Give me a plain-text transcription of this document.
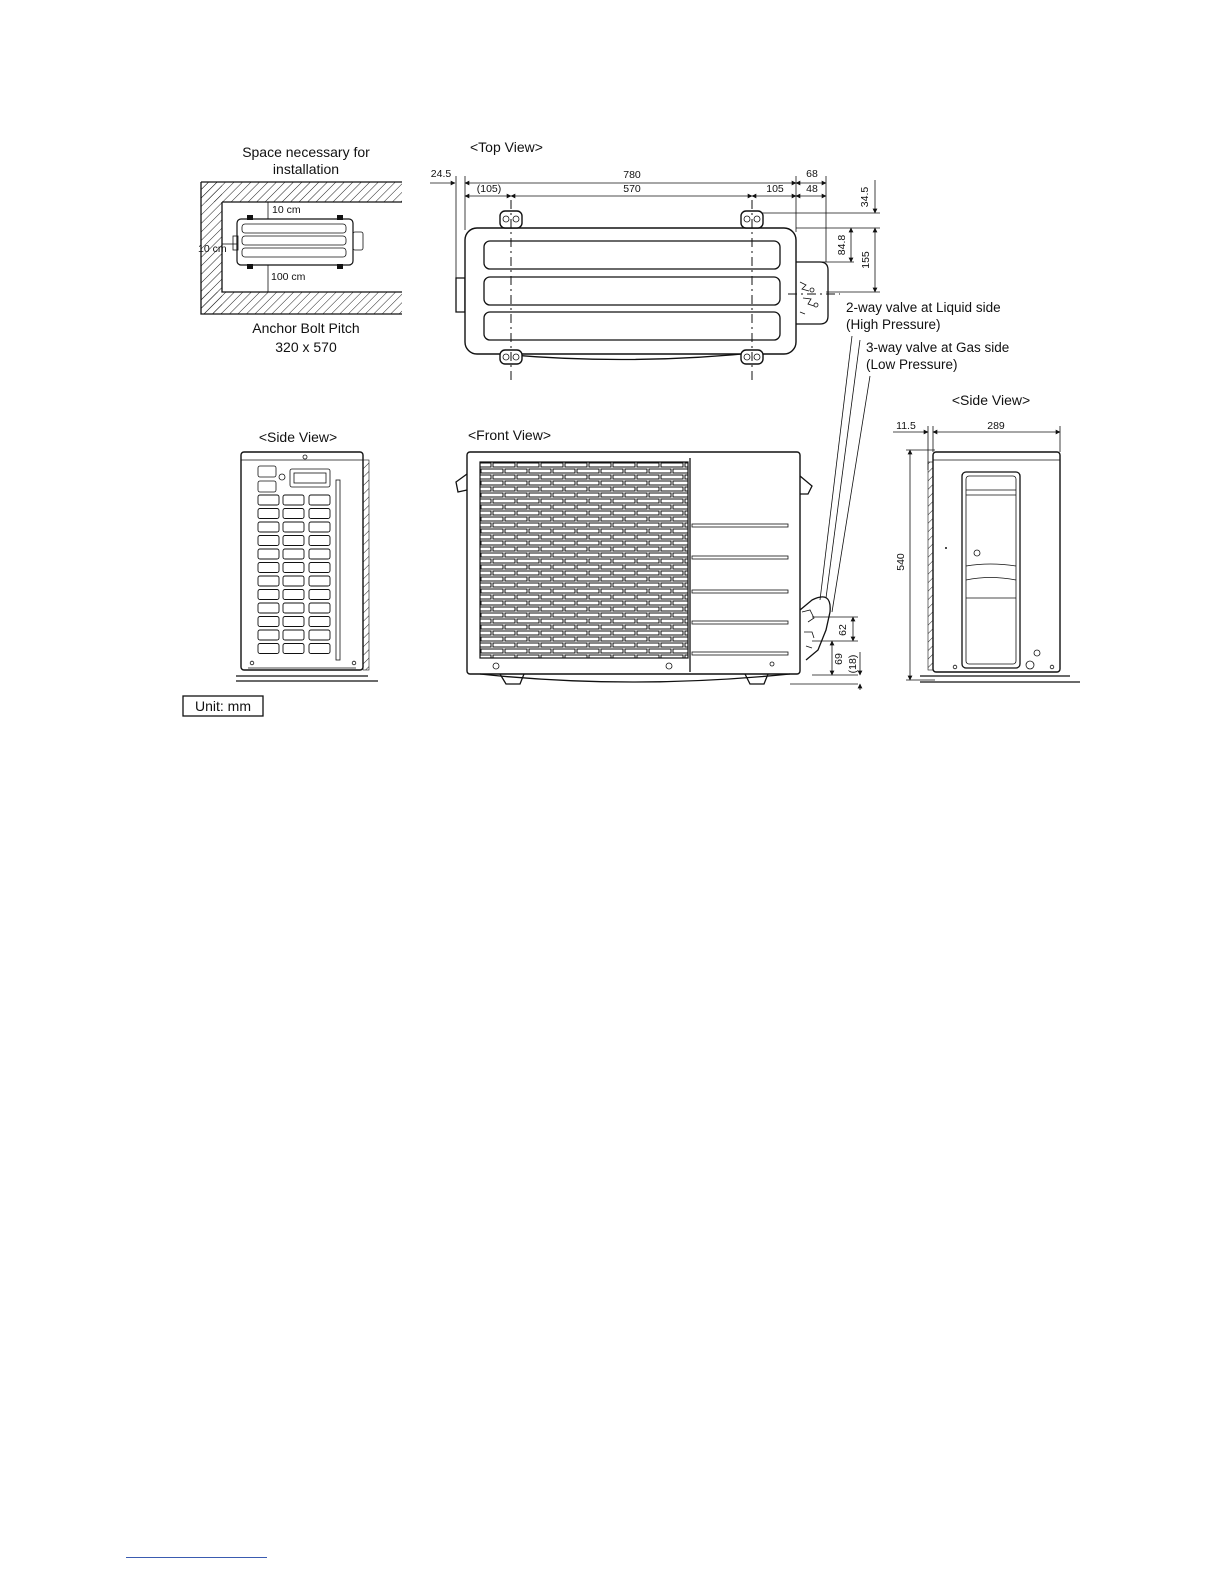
Space necessary for
installation
10 cm
10 cm
100 cm
Anchor Bolt Pitch
320 x 570
<Top View>
24.5	780	68
(105)	570	105 48	34.5
84.8
155
2-way valve at Liquid side
(High Pressure)
3-way valve at Gas side
(Low Pressure)
<Side View>	<Front View>
62
69 (18)
<Side View>
11.5	289
540
Unit: mm
